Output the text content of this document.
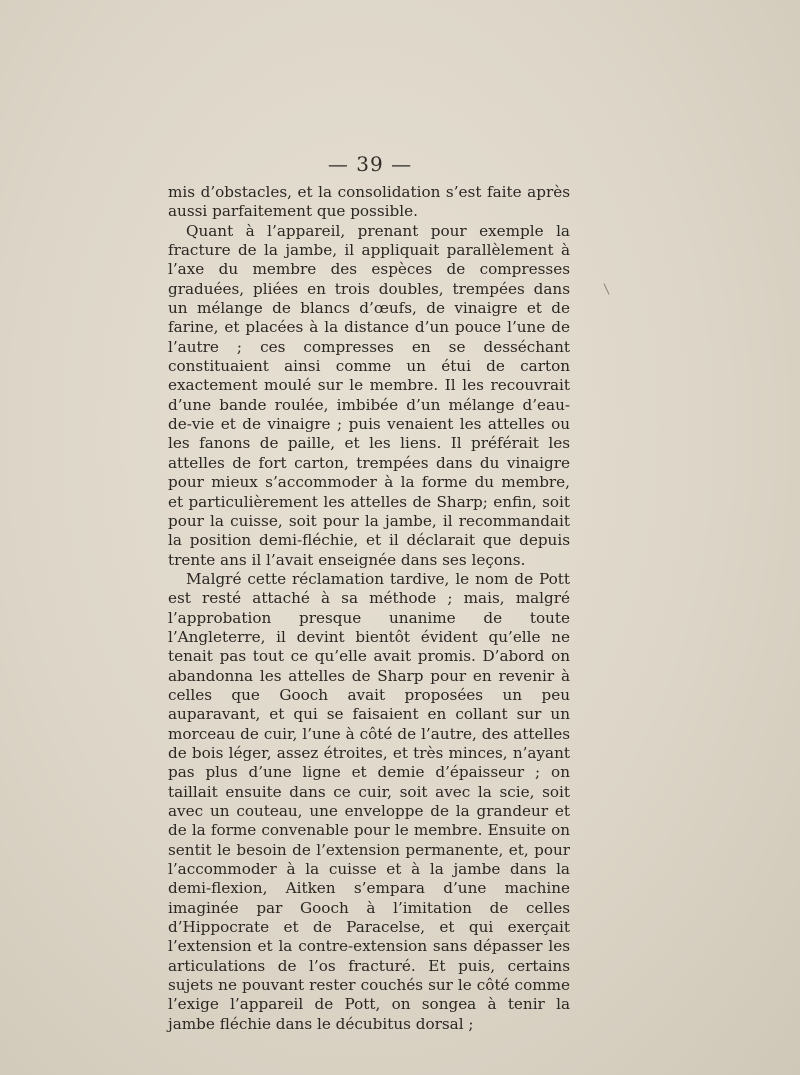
— 39 —

mis d’obstacles, et la consolidation s’est faite après aussi parfaitement que possible.

Quant à l’appareil, prenant pour exemple la fracture de la jambe, il appliquait parallèlement à l’axe du membre des espèces de compresses graduées, pliées en trois doubles, trempées dans un mélange de blancs d’œufs, de vinaigre et de farine, et placées à la distance d’un pouce l’une de l’autre ; ces compresses en se desséchant constituaient ainsi comme un étui de carton exactement moulé sur le membre. Il les recouvrait d’une bande roulée, imbibée d’un mélange d’eau-de-vie et de vinaigre ; puis venaient les attelles ou les fanons de paille, et les liens. Il préférait les attelles de fort carton, trempées dans du vinaigre pour mieux s’accommoder à la forme du membre, et particulièrement les attelles de Sharp; enfin, soit pour la cuisse, soit pour la jambe, il recommandait la position demi-fléchie, et il déclarait que depuis trente ans il l’avait enseignée dans ses leçons.

Malgré cette réclamation tardive, le nom de Pott est resté attaché à sa méthode ; mais, malgré l’approbation presque unanime de toute l’Angleterre, il devint bientôt évident qu’elle ne tenait pas tout ce qu’elle avait promis. D’abord on abandonna les attelles de Sharp pour en revenir à celles que Gooch avait proposées un peu auparavant, et qui se faisaient en collant sur un morceau de cuir, l’une à côté de l’autre, des attelles de bois léger, assez étroites, et très minces, n’ayant pas plus d’une ligne et demie d’épaisseur ; on taillait ensuite dans ce cuir, soit avec la scie, soit avec un couteau, une enveloppe de la grandeur et de la forme convenable pour le membre. Ensuite on sentit le besoin de l’extension permanente, et, pour l’accommoder à la cuisse et à la jambe dans la demi-flexion, Aitken s’empara d’une machine imaginée par Gooch à l’imitation de celles d’Hippocrate et de Paracelse, et qui exerçait l’extension et la contre-extension sans dépasser les articulations de l’os fracturé. Et puis, certains sujets ne pouvant rester couchés sur le côté comme l’exige l’appareil de Pott, on songea à tenir la jambe fléchie dans le décubitus dorsal ;
